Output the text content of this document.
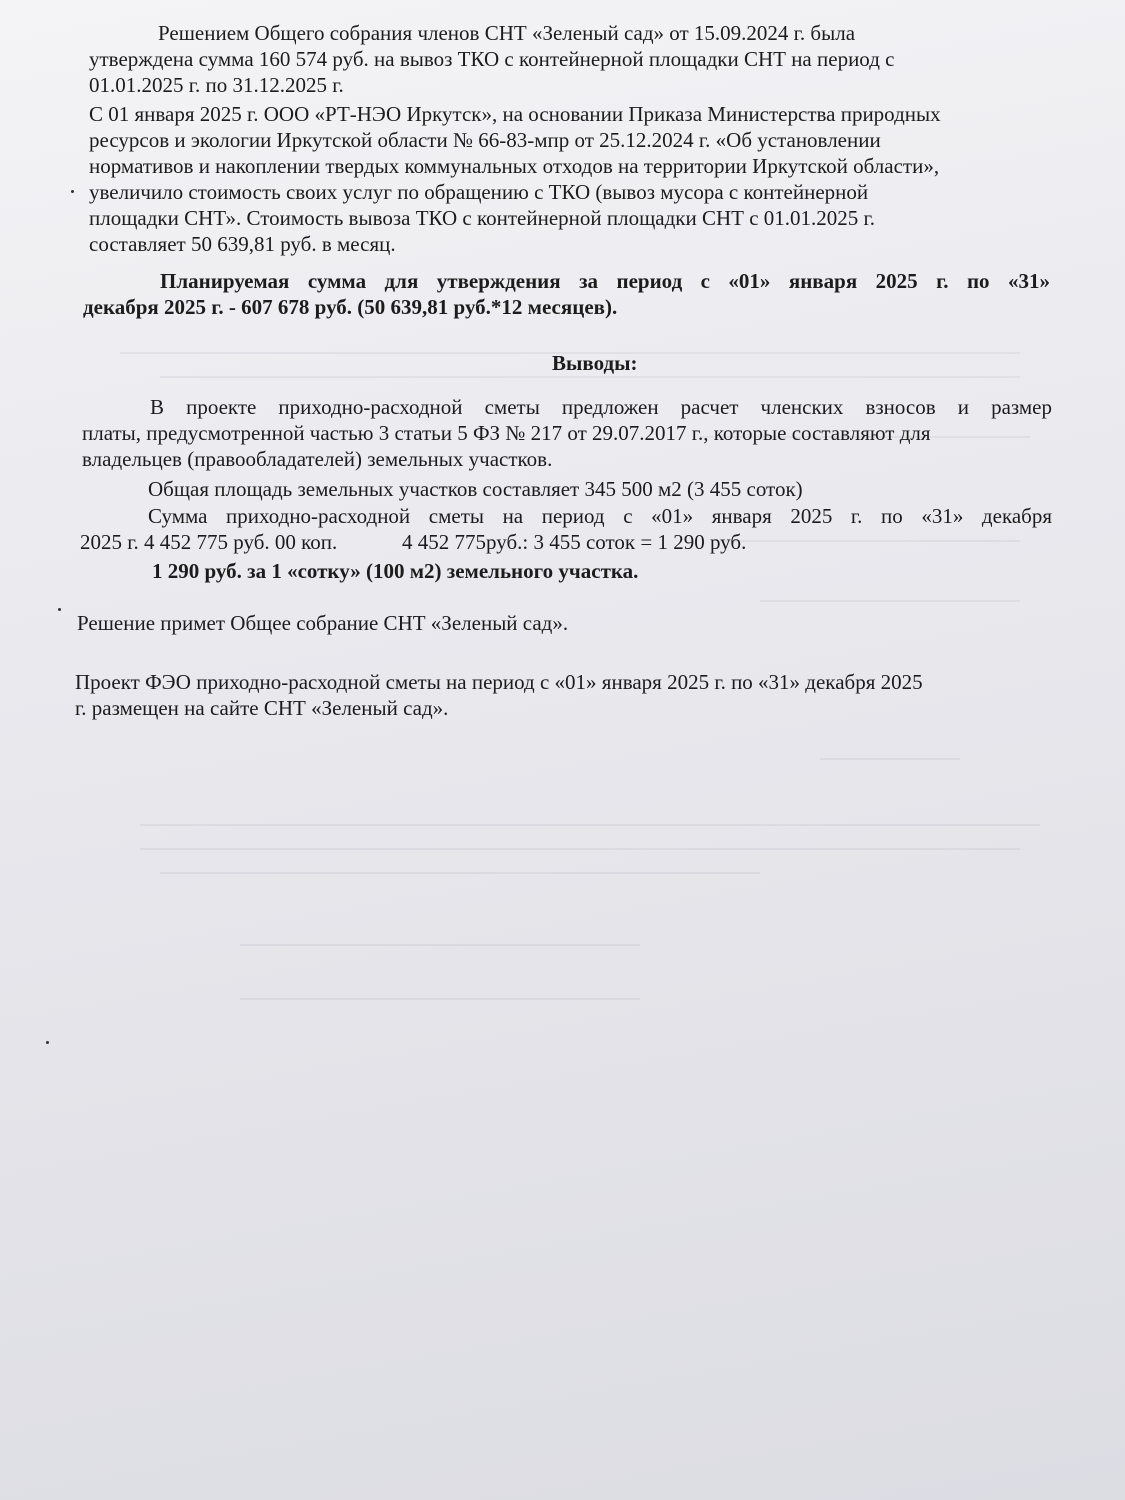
Решением Общего собрания членов СНТ «Зеленый сад» от 15.09.2024 г. была
утверждена сумма 160 574 руб. на вывоз ТКО с контейнерной площадки СНТ на период с
01.01.2025 г. по 31.12.2025 г.
С 01 января 2025 г. ООО «РТ-НЭО Иркутск», на основании Приказа Министерства природных
ресурсов и экологии Иркутской области № 66-83-мпр от 25.12.2024 г. «Об установлении
нормативов и накоплении твердых коммунальных отходов на территории Иркутской области»,
увеличило стоимость своих услуг по обращению с ТКО (вывоз мусора с контейнерной
площадки СНТ». Стоимость вывоза ТКО с контейнерной площадки СНТ с 01.01.2025 г.
составляет 50 639,81 руб. в месяц.
Планируемая сумма для утверждения за период с «01» января 2025 г. по «31»
декабря 2025 г. - 607 678 руб. (50 639,81 руб.*12 месяцев).
Выводы:
В проекте приходно-расходной сметы предложен расчет членских взносов и размер
платы, предусмотренной частью 3 статьи 5 ФЗ № 217 от 29.07.2017 г., которые составляют для
владельцев (правообладателей) земельных участков.
Общая площадь земельных участков составляет 345 500 м2 (3 455 соток)
Сумма приходно-расходной сметы на период с «01» января 2025 г. по «31» декабря
2025 г. 4 452 775 руб. 00 коп.	4 452 775руб.: 3 455 соток = 1 290 руб.
1 290 руб. за 1 «сотку» (100 м2) земельного участка.
Решение примет Общее собрание СНТ «Зеленый сад».
Проект ФЭО приходно-расходной сметы на период с «01» января 2025 г. по «31» декабря 2025
г. размещен на сайте СНТ «Зеленый сад».
